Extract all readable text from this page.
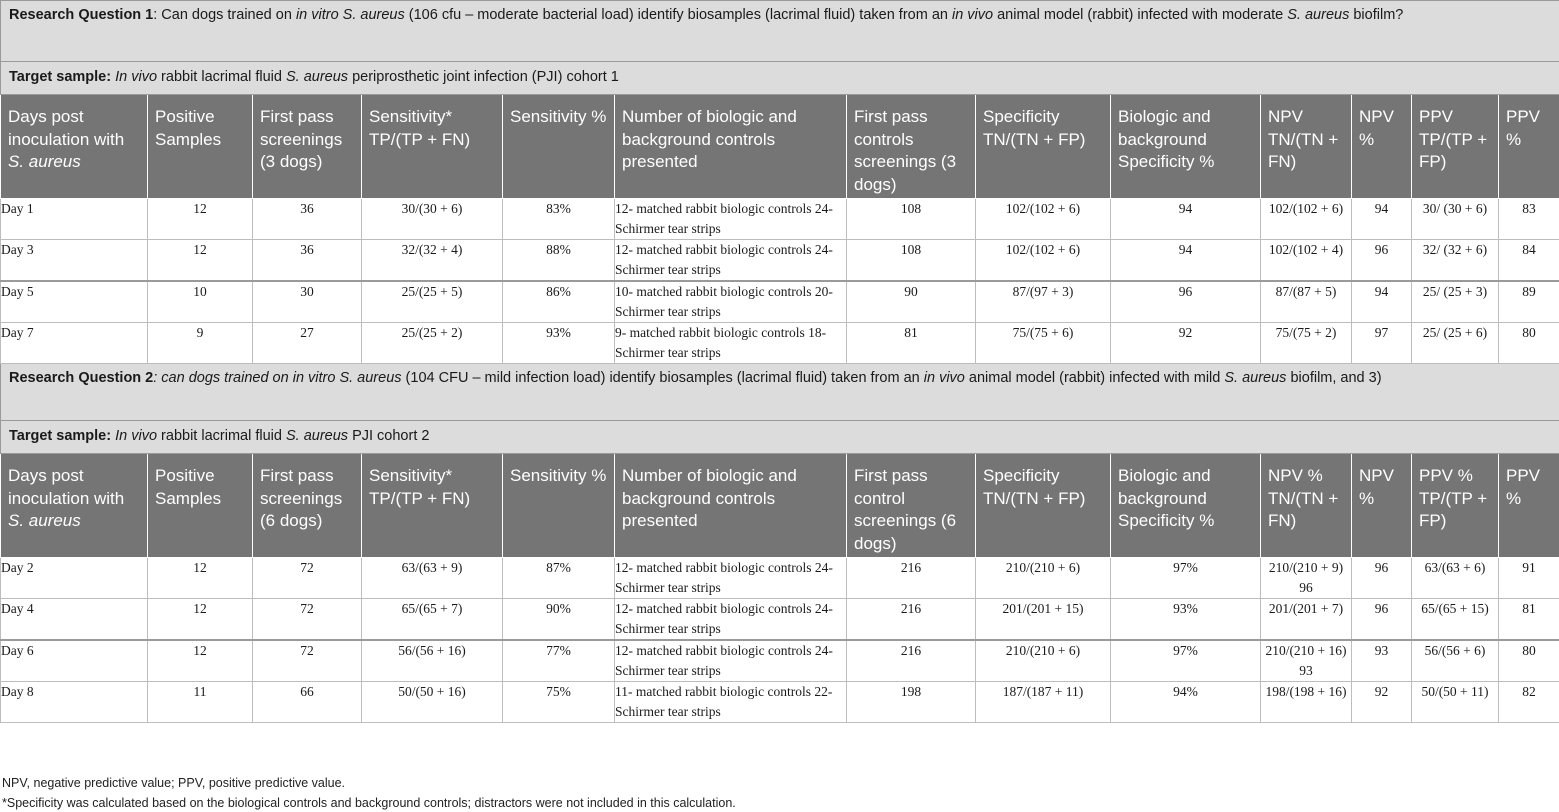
Research Question 1: Can dogs trained on in vitro S. aureus (106 cfu – moderate bacterial load) identify biosamples (lacrimal fluid) taken from an in vivo animal model (rabbit) infected with moderate S. aureus biofilm?												
Target sample: In vivo rabbit lacrimal fluid S. aureus periprosthetic joint infection (PJI) cohort 1												
Days post inoculation with S. aureus	Positive Samples	First pass screenings (3 dogs)	Sensitivity* TP/(TP + FN)	Sensitivity %	Number of biologic and background controls presented	First pass controls screenings (3 dogs)	Specificity TN/(TN + FP)	Biologic and background Specificity %	NPV TN/(TN + FN)	NPV %	PPV TP/(TP + FP)	PPV %
Day 1	12	36	30/(30 + 6)	83%	12- matched rabbit biologic controls 24- Schirmer tear strips	108	102/(102 + 6)	94	102/(102 + 6)	94	30/ (30 + 6)	83
Day 3	12	36	32/(32 + 4)	88%	12- matched rabbit biologic controls 24- Schirmer tear strips	108	102/(102 + 6)	94	102/(102 + 4)	96	32/ (32 + 6)	84
Day 5	10	30	25/(25 + 5)	86%	10- matched rabbit biologic controls 20- Schirmer tear strips	90	87/(97 + 3)	96	87/(87 + 5)	94	25/ (25 + 3)	89
Day 7	9	27	25/(25 + 2)	93%	9- matched rabbit biologic controls 18- Schirmer tear strips	81	75/(75 + 6)	92	75/(75 + 2)	97	25/ (25 + 6)	80
Research Question 2: can dogs trained on in vitro S. aureus (104 CFU – mild infection load) identify biosamples (lacrimal fluid) taken from an in vivo animal model (rabbit) infected with mild S. aureus biofilm, and 3)												
Target sample: In vivo rabbit lacrimal fluid S. aureus PJI cohort 2												
Days post inoculation with S. aureus	Positive Samples	First pass screenings (6 dogs)	Sensitivity* TP/(TP + FN)	Sensitivity %	Number of biologic and background controls presented	First pass control screenings (6 dogs)	Specificity TN/(TN + FP)	Biologic and background Specificity %	NPV % TN/(TN + FN)	NPV %	PPV % TP/(TP + FP)	PPV %
Day 2	12	72	63/(63 + 9)	87%	12- matched rabbit biologic controls 24- Schirmer tear strips	216	210/(210 + 6)	97%	210/(210 + 9) 96	96	63/(63 + 6)	91
Day 4	12	72	65/(65 + 7)	90%	12- matched rabbit biologic controls 24- Schirmer tear strips	216	201/(201 + 15)	93%	201/(201 + 7)	96	65/(65 + 15)	81
Day 6	12	72	56/(56 + 16)	77%	12- matched rabbit biologic controls 24- Schirmer tear strips	216	210/(210 + 6)	97%	210/(210 + 16) 93	93	56/(56 + 6)	80
Day 8	11	66	50/(50 + 16)	75%	11- matched rabbit biologic controls 22- Schirmer tear strips	198	187/(187 + 11)	94%	198/(198 + 16)	92	50/(50 + 11)	82
NPV, negative predictive value; PPV, positive predictive value.
*Specificity was calculated based on the biological controls and background controls; distractors were not included in this calculation.
